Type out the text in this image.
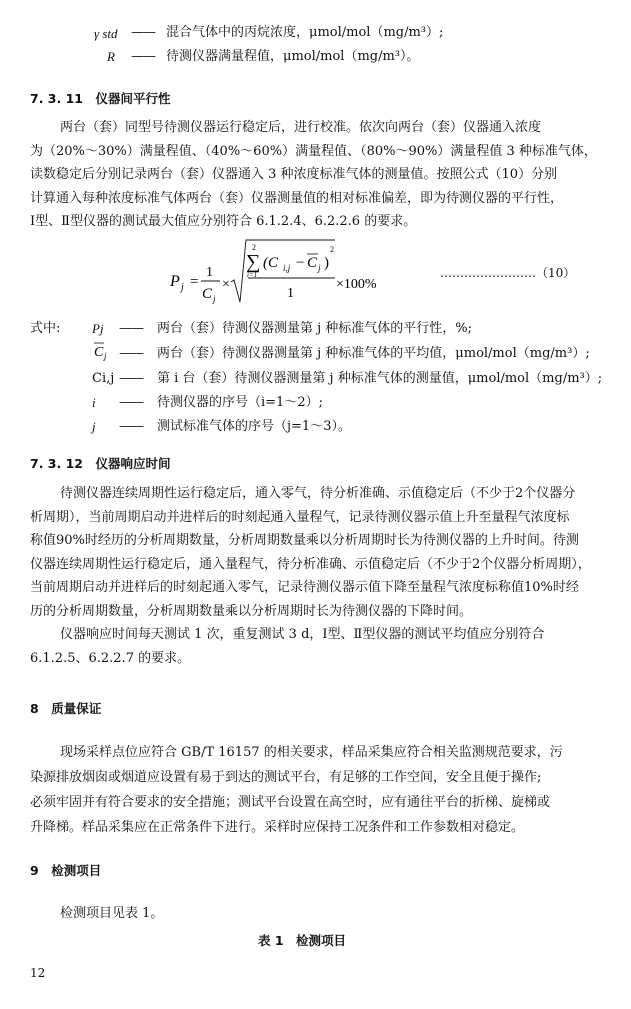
γ std —— 混合气体中的丙烷浓度，μmol/mol（mg/m³）;
R —— 待测仪器满量程值，μmol/mol（mg/m³）。
7. 3. 11　仪器间平行性
两台（套）同型号待测仪器运行稳定后，进行校准。依次向两台（套）仪器通入浓度
为（20%～30%）满量程值、（40%～60%）满量程值、（80%～90%）满量程值 3 种标准气体，
读数稳定后分别记录两台（套）仪器通入 3 种浓度标准气体的测量值。按照公式（10）分别
计算通入每种浓度标准气体两台（套）仪器测量值的相对标准偏差，即为待测仪器的平行性，
Ⅰ型、Ⅱ型仪器的测试最大值应分别符合 6.1.2.4、6.2.2.6 的要求。
P j =
1
C j
×
2
∑
i=1
(C i,j − C j )
2
1
×100%
……………………（10）
式中: Pj —— 两台（套）待测仪器测量第 j 种标准气体的平行性，%;
C j —— 两台（套）待测仪器测量第 j 种标准气体的平均值，μmol/mol（mg/m³）;
Ci,j —— 第 i 台（套）待测仪器测量第 j 种标准气体的测量值，μmol/mol（mg/m³）;
i —— 待测仪器的序号（i=1～2）;
j —— 测试标准气体的序号（j=1～3）。
7. 3. 12　仪器响应时间
待测仪器连续周期性运行稳定后，通入零气，待分析准确、示值稳定后（不少于2个仪器分
析周期），当前周期启动并进样后的时刻起通入量程气，记录待测仪器示值上升至量程气浓度标
称值90%时经历的分析周期数量，分析周期数量乘以分析周期时长为待测仪器的上升时间。待测
仪器连续周期性运行稳定后，通入量程气，待分析准确、示值稳定后（不少于2个仪器分析周期），
当前周期启动并进样后的时刻起通入零气，记录待测仪器示值下降至量程气浓度标称值10%时经
历的分析周期数量，分析周期数量乘以分析周期时长为待测仪器的下降时间。
仪器响应时间每天测试 1 次，重复测试 3 d，Ⅰ型、Ⅱ型仪器的测试平均值应分别符合
6.1.2.5、6.2.2.7 的要求。
8　质量保证
现场采样点位应符合 GB/T 16157 的相关要求，样品采集应符合相关监测规范要求，污
染源排放烟囱或烟道应设置有易于到达的测试平台，有足够的工作空间，安全且便于操作;
必须牢固并有符合要求的安全措施；测试平台设置在高空时，应有通往平台的折梯、旋梯或
升降梯。样品采集应在正常条件下进行。采样时应保持工况条件和工作参数相对稳定。
9　检测项目
检测项目见表 1。
表 1　检测项目
12
